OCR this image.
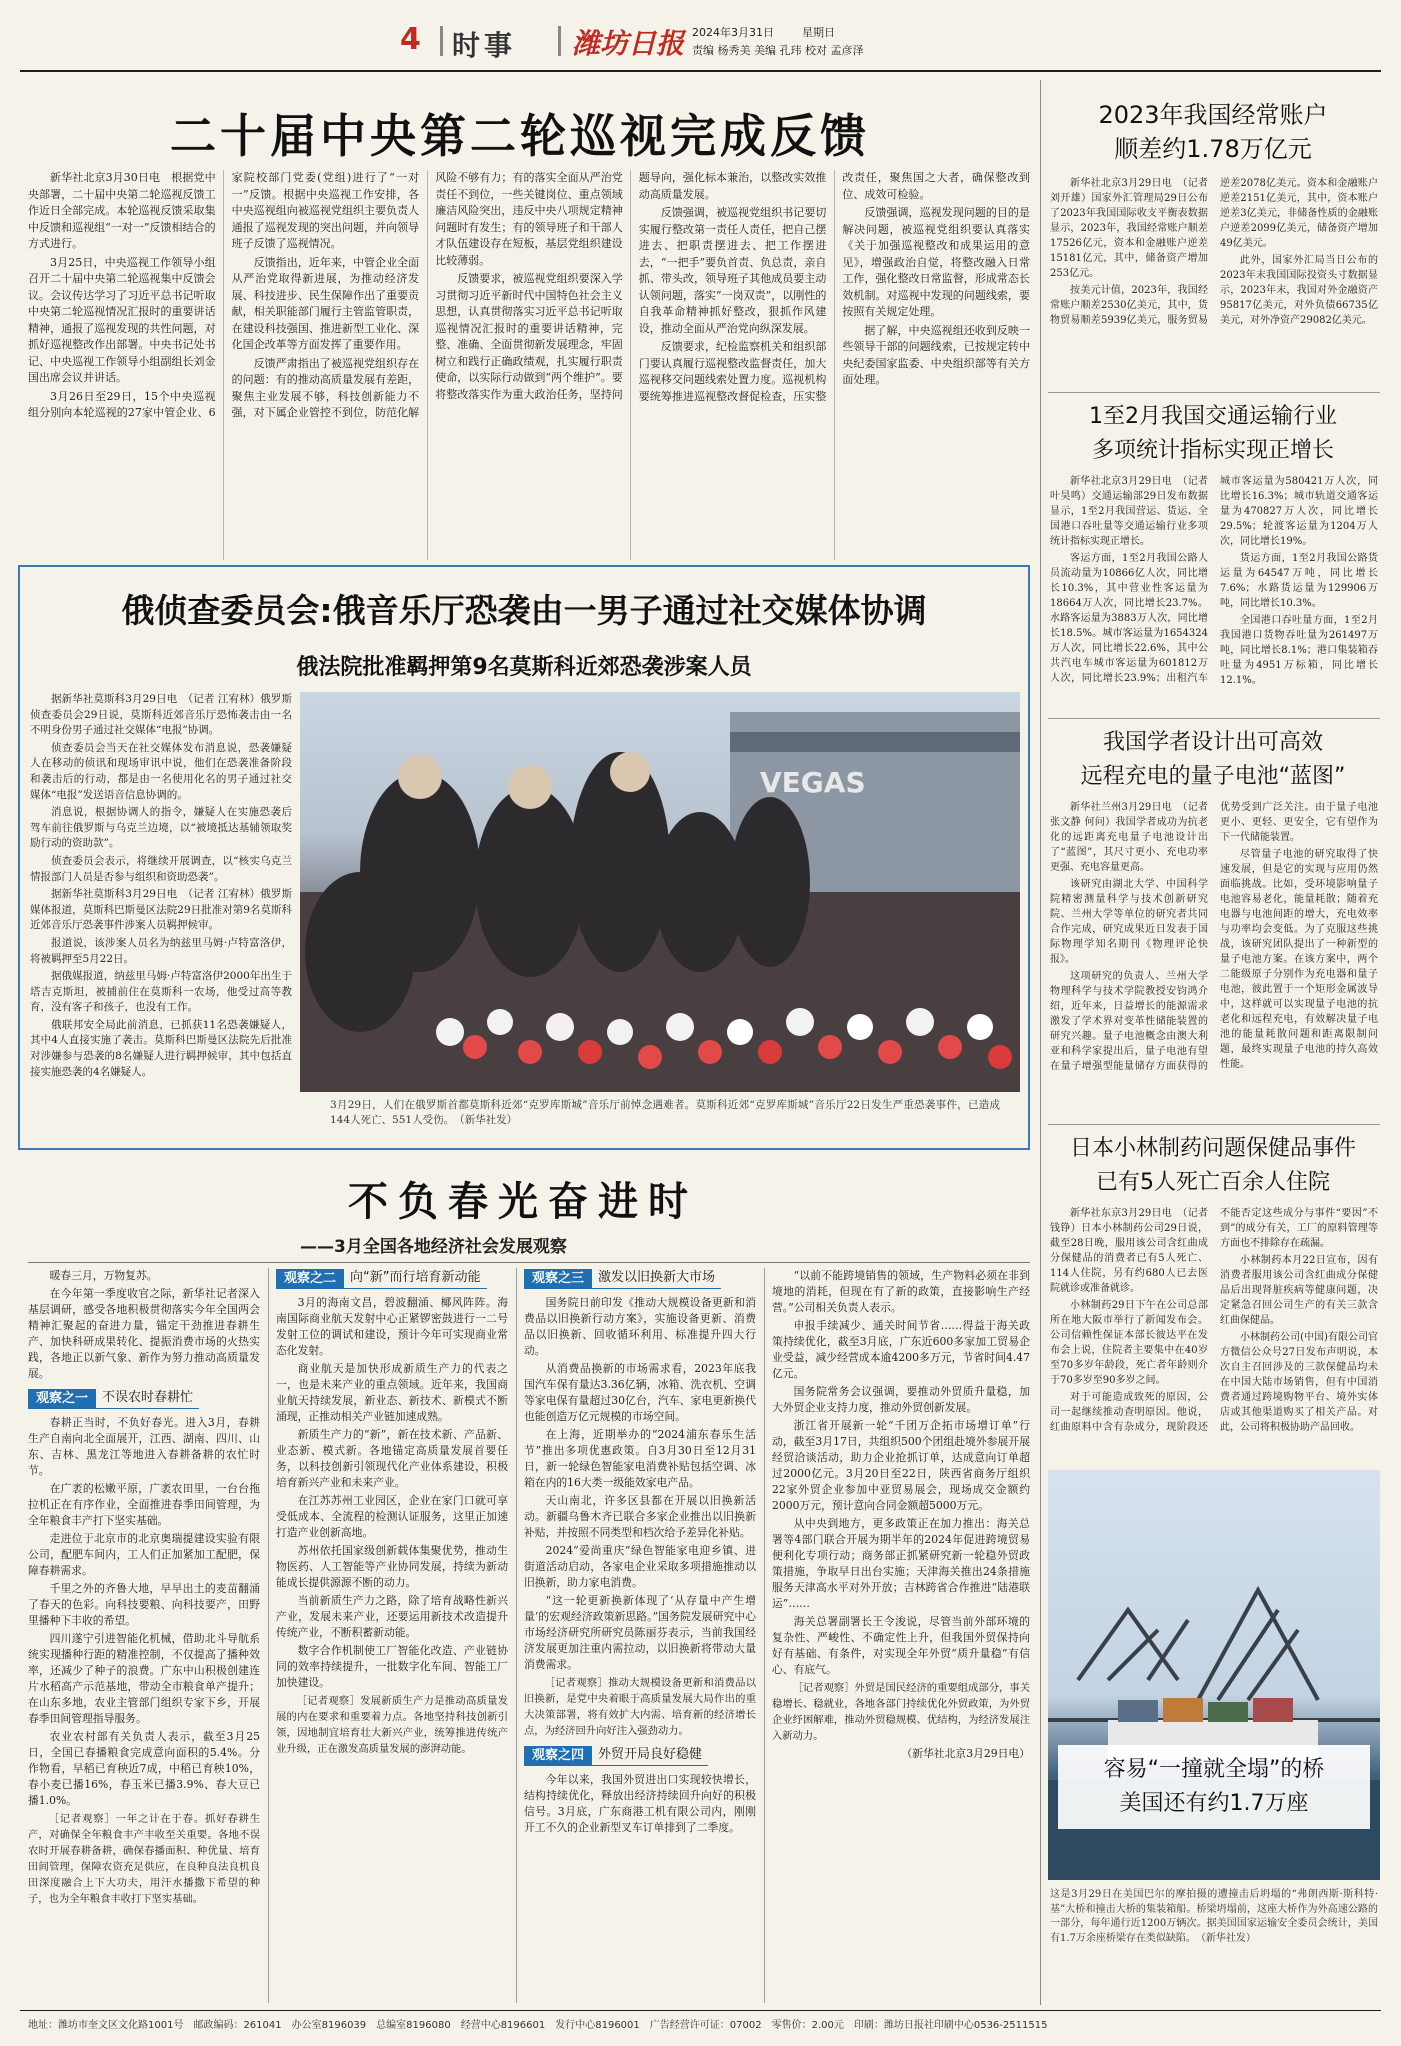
4 时事 潍坊日报 2024年3月31日	星期日
责编 杨秀美 美编 孔玮 校对 孟彦泽
二十届中央第二轮巡视完成反馈

新华社北京3月30日电　根据党中央部署，二十届中央第二轮巡视反馈工作近日全部完成。本轮巡视反馈采取集中反馈和巡视组“一对一”反馈相结合的方式进行。

3月25日，中央巡视工作领导小组召开二十届中央第二轮巡视集中反馈会议。会议传达学习了习近平总书记听取中央第二轮巡视情况汇报时的重要讲话精神，通报了巡视发现的共性问题，对抓好巡视整改作出部署。中央书记处书记、中央巡视工作领导小组副组长刘金国出席会议并讲话。

3月26日至29日，15个中央巡视组分别向本轮巡视的27家中管企业、6家院校部门党委(党组)进行了“一对一”反馈。根据中央巡视工作安排，各中央巡视组向被巡视党组织主要负责人通报了巡视发现的突出问题，并向领导班子反馈了巡视情况。

反馈指出，近年来，中管企业全面从严治党取得新进展，为推动经济发展、科技进步、民生保障作出了重要贡献，相关职能部门履行主管监管职责，在建设科技强国、推进新型工业化、深化国企改革等方面发挥了重要作用。

反馈严肃指出了被巡视党组织存在的问题：有的推动高质量发展有差距，聚焦主业发展不够，科技创新能力不强，对下属企业管控不到位，防范化解风险不够有力；有的落实全面从严治党责任不到位，一些关键岗位、重点领域廉洁风险突出，违反中央八项规定精神问题时有发生；有的领导班子和干部人才队伍建设存在短板，基层党组织建设比较薄弱。

反馈要求，被巡视党组织要深入学习贯彻习近平新时代中国特色社会主义思想，认真贯彻落实习近平总书记听取巡视情况汇报时的重要讲话精神，完整、准确、全面贯彻新发展理念，牢固树立和践行正确政绩观，扎实履行职责使命，以实际行动做到“两个维护”。要将整改落实作为重大政治任务，坚持问题导向，强化标本兼治，以整改实效推动高质量发展。

反馈强调，被巡视党组织书记要切实履行整改第一责任人责任，把自己摆进去、把职责摆进去、把工作摆进去，“一把手”要负首责、负总责，亲自抓、带头改，领导班子其他成员要主动认领问题，落实“一岗双责”，以刚性的自我革命精神抓好整改，狠抓作风建设，推动全面从严治党向纵深发展。

反馈要求，纪检监察机关和组织部门要认真履行巡视整改监督责任，加大巡视移交问题线索处置力度。巡视机构要统筹推进巡视整改督促检查，压实整改责任，聚焦国之大者，确保整改到位、成效可检验。

反馈强调，巡视发现问题的目的是解决问题，被巡视党组织要认真落实《关于加强巡视整改和成果运用的意见》，增强政治自觉，将整改融入日常工作，强化整改日常监督，形成常态长效机制。对巡视中发现的问题线索，要按照有关规定处理。

据了解，中央巡视组还收到反映一些领导干部的问题线索，已按规定转中央纪委国家监委、中央组织部等有关方面处理。

俄侦查委员会:俄音乐厅恐袭由一男子通过社交媒体协调
俄法院批准羁押第9名莫斯科近郊恐袭涉案人员

据新华社莫斯科3月29日电　（记者 江宥林）俄罗斯侦查委员会29日说，莫斯科近郊音乐厅恐怖袭击由一名不明身份男子通过社交媒体“电报”协调。

侦查委员会当天在社交媒体发布消息说，恐袭嫌疑人在移动的侦讯和现场审讯中说，他们在恐袭准备阶段和袭击后的行动，都是由一名使用化名的男子通过社交媒体“电报”发送语音信息协调的。

消息说，根据协调人的指令，嫌疑人在实施恐袭后驾车前往俄罗斯与乌克兰边境，以“被境抵达基辅领取奖励行动的资助款”。

侦查委员会表示，将继续开展调查，以“核实乌克兰情报部门人员是否参与组织和资助恐袭”。

据新华社莫斯科3月29日电　（记者 江宥林）俄罗斯媒体报道，莫斯科巴斯曼区法院29日批准对第9名莫斯科近郊音乐厅恐袭事件涉案人员羁押候审。

报道说，该涉案人员名为纳兹里马姆·卢特富洛伊，将被羁押至5月22日。

据俄媒报道，纳兹里马姆·卢特富洛伊2000年出生于塔吉克斯坦，被捕前住在莫斯科一农场，他受过高等教育，没有客子和孩子，也没有工作。

俄联邦安全局此前消息，已抓获11名恐袭嫌疑人，其中4人直接实施了袭击。莫斯科巴斯曼区法院先后批准对涉嫌参与恐袭的8名嫌疑人进行羁押候审，其中包括直接实施恐袭的4名嫌疑人。

VEGAS
3月29日，人们在俄罗斯首都莫斯科近郊“克罗库斯城”音乐厅前悼念遇难者。莫斯科近郊“克罗库斯城”音乐厅22日发生严重恐袭事件，已造成144人死亡、551人受伤。　（新华社发）
不负春光奋进时
——3月全国各地经济社会发展观察

暖春三月，万物复苏。

在今年第一季度收官之际，新华社记者深入基层调研，感受各地积极贯彻落实今年全国两会精神汇聚起的奋进力量，锚定干劲推进春耕生产、加快科研成果转化、提振消费市场的火热实践，各地正以新气象、新作为努力推动高质量发展。

观察之一	不误农时春耕忙

春耕正当时，不负好春光。进入3月，春耕生产自南向北全面展开，江西、湖南、四川、山东、吉林、黑龙江等地进入春耕备耕的农忙时节。

在广袤的松嫩平原，广袤农田里，一台台拖拉机正在有序作业，全面推进春季田间管理，为全年粮食丰产打下坚实基础。

走进位于北京市的北京奥瑞提建设实验有限公司，配肥车间内，工人们正加紧加工配肥，保障春耕需求。

千里之外的齐鲁大地，早早出土的麦苗翻涌了春天的色彩。向科技要粮、向科技要产，田野里播种下丰收的希望。

四川遂宁引进智能化机械，借助北斗导航系统实现播种行距的精准控制，不仅提高了播种效率，还减少了种子的浪费。广东中山积极创建连片水稻高产示范基地，带动全市粮食单产提升；在山东多地，农业主管部门组织专家下乡，开展春季田间管理指导服务。

农业农村部有关负责人表示，截至3月25日，全国已春播粮食完成意向面积的5.4%。分作物看，早稻已育秧近7成，中稻已育秧10%，春小麦已播16%，春玉米已播3.9%、春大豆已播1.0%。

［记者观察］一年之计在于春。抓好春耕生产，对确保全年粮食丰产丰收至关重要。各地不误农时开展春耕备耕，确保春播面积、种优量、培育田间管理，保障农资充足供应，在良种良法良机良田深度融合上下大功夫，用汗水播撒下希望的种子，也为全年粮食丰收打下坚实基础。

观察之二	向“新”而行培育新动能

3月的海南文昌，碧波翻涌、椰风阵阵。海南国际商业航天发射中心正紧锣密鼓进行一二号发射工位的调试和建设，预计今年可实现商业常态化发射。

商业航天是加快形成新质生产力的代表之一，也是未来产业的重点领域。近年来，我国商业航天持续发展，新业态、新技术、新模式不断涌现，正推动相关产业链加速成熟。

新质生产力的“新”，新在技术新、产品新、业态新、模式新。各地锚定高质量发展首要任务，以科技创新引领现代化产业体系建设，积极培育新兴产业和未来产业。

在江苏苏州工业园区，企业在家门口就可享受低成本、全流程的检测认证服务，这里正加速打造产业创新高地。

苏州依托国家级创新载体集聚优势，推动生物医药、人工智能等产业协同发展，持续为新动能成长提供源源不断的动力。

当前新质生产力之路，除了培育战略性新兴产业，发展未来产业，还要运用新技术改造提升传统产业，不断积蓄新动能。

数字合作机制使工厂智能化改造、产业链协同的效率持续提升，一批数字化车间、智能工厂加快建设。

［记者观察］发展新质生产力是推动高质量发展的内在要求和重要着力点。各地坚持科技创新引领，因地制宜培育壮大新兴产业，统筹推进传统产业升级，正在激发高质量发展的澎湃动能。

观察之三	激发以旧换新大市场

国务院日前印发《推动大规模设备更新和消费品以旧换新行动方案》，实施设备更新、消费品以旧换新、回收循环利用、标准提升四大行动。

从消费品换新的市场需求看，2023年底我国汽车保有量达3.36亿辆，冰箱、洗衣机、空调等家电保有量超过30亿台，汽车、家电更新换代也能创造万亿元规模的市场空间。

在上海，近期举办的“2024浦东春乐生活节”推出多项优惠政策。自3月30日至12月31日，新一轮绿色智能家电消费补贴包括空调、冰箱在内的16大类一级能效家电产品。

天山南北，许多区县都在开展以旧换新活动。新疆乌鲁木齐已联合多家企业推出以旧换新补贴，并按照不同类型和档次给予差异化补贴。

2024“爱尚重庆”绿色智能家电迎乡镇、进街道活动启动，各家电企业采取多项措施推动以旧换新，助力家电消费。

“这一轮更新换新体现了‘从存量中产生增量’的宏观经济政策新思路。”国务院发展研究中心市场经济研究所研究员陈丽芬表示，当前我国经济发展更加注重内需拉动，以旧换新将带动大量消费需求。

［记者观察］推动大规模设备更新和消费品以旧换新，是党中央着眼于高质量发展大局作出的重大决策部署，将有效扩大内需、培育新的经济增长点，为经济回升向好注入强劲动力。

观察之四	外贸开局良好稳健

今年以来，我国外贸进出口实现较快增长，结构持续优化，释放出经济持续回升向好的积极信号。3月底，广东商港工机有限公司内，刚刚开工不久的企业新型叉车订单排到了二季度。

“以前不能跨境销售的领域，生产物料必须在非到境地的消耗，但现在有了新的政策，直接影响生产经营。”公司相关负责人表示。

申报手续减少、通关时间节省……得益于海关政策持续优化，截至3月底，广东近600多家加工贸易企业受益，减少经营成本逾4200多万元，节省时间4.47亿元。

国务院常务会议强调，要推动外贸质升量稳，加大外贸企业支持力度，推动外贸创新发展。

浙江省开展新一轮“千团万企拓市场增订单”行动，截至3月17日，共组织500个团组赴境外参展开展经贸洽谈活动，助力企业抢抓订单，达成意向订单超过2000亿元。3月20日至22日，陕西省商务厅组织22家外贸企业参加中亚贸易展会，现场成交金额约2000万元，预计意向合同金额超5000万元。

从中央到地方，更多政策正在加力推出：海关总署等4部门联合开展为期半年的2024年促进跨境贸易便利化专项行动；商务部正抓紧研究新一轮稳外贸政策措施，争取早日出台实施；天津海关推出24条措施服务天津高水平对外开放；吉林跨省合作推进“陆港联运”……

海关总署副署长王令浚说，尽管当前外部环境的复杂性、严峻性、不确定性上升，但我国外贸保持向好有基础、有条件，对实现全年外贸“质升量稳”有信心、有底气。

［记者观察］外贸是国民经济的重要组成部分，事关稳增长、稳就业，各地各部门持续优化外贸政策，为外贸企业纾困解难，推动外贸稳规模、优结构，为经济发展注入新动力。

（新华社北京3月29日电）

2023年我国经常账户
顺差约1.78万亿元

新华社北京3月29日电　（记者 刘开雄）国家外汇管理局29日公布了2023年我国国际收支平衡表数据显示，2023年，我国经常账户顺差17526亿元，资本和金融账户逆差15181亿元，其中，储备资产增加253亿元。

按美元计值，2023年，我国经常账户顺差2530亿美元，其中，货物贸易顺差5939亿美元，服务贸易逆差2078亿美元。资本和金融账户逆差2151亿美元，其中，资本账户逆差3亿美元，非储备性质的金融账户逆差2099亿美元，储备资产增加49亿美元。

此外，国家外汇局当日公布的2023年末我国国际投资头寸数据显示，2023年末，我国对外金融资产95817亿美元，对外负债66735亿美元，对外净资产29082亿美元。

1至2月我国交通运输行业
多项统计指标实现正增长

新华社北京3月29日电　（记者 叶昊鸣）交通运输部29日发布数据显示，1至2月我国营运、货运、全国港口吞吐量等交通运输行业多项统计指标实现正增长。

客运方面，1至2月我国公路人员流动量为10866亿人次，同比增长10.3%，其中营业性客运量为18664万人次，同比增长23.7%。水路客运量为3883万人次，同比增长18.5%。城市客运量为1654324万人次，同比增长22.6%，其中公共汽电车城市客运量为601812万人次，同比增长23.9%；出租汽车城市客运量为580421万人次，同比增长16.3%；城市轨道交通客运量为470827万人次，同比增长29.5%；轮渡客运量为1204万人次，同比增长19%。

货运方面，1至2月我国公路货运量为64547万吨，同比增长7.6%；水路货运量为129906万吨，同比增长10.3%。

全国港口吞吐量方面，1至2月我国港口货物吞吐量为261497万吨，同比增长8.1%；港口集装箱吞吐量为4951万标箱，同比增长12.1%。

我国学者设计出可高效
远程充电的量子电池“蓝图”

新华社兰州3月29日电　（记者 张文静 何问）我国学者成功为抗老化的远距离充电量子电池设计出了“蓝图”，其尺寸更小、充电功率更强、充电容量更高。

该研究由湖北大学、中国科学院精密测量科学与技术创新研究院、兰州大学等单位的研究者共同合作完成，研究成果近日发表于国际物理学知名期刊《物理评论快报》。

这项研究的负责人、兰州大学物理科学与技术学院教授安钧鸿介绍，近年来，日益增长的能源需求激发了学术界对变革性储能装置的研究兴趣。量子电池概念由澳大利亚和科学家提出后，量子电池有望在量子增强型能量储存方面获得的优势受到广泛关注。由于量子电池更小、更轻、更安全，它有望作为下一代储能装置。

尽管量子电池的研究取得了快速发展，但是它的实现与应用仍然面临挑战。比如，受环境影响量子电池容易老化，能量耗散；随着充电器与电池间距的增大，充电效率与功率均会变低。为了克服这些挑战，该研究团队提出了一种新型的量子电池方案。在该方案中，两个二能级原子分别作为充电器和量子电池，彼此置于一个矩形金属波导中，这样就可以实现量子电池的抗老化和远程充电，有效解决量子电池的能量耗散问题和距离限制问题，最终实现量子电池的持久高效性能。

日本小林制药问题保健品事件
已有5人死亡百余人住院

新华社东京3月29日电　（记者 钱铮）日本小林制药公司29日说，截至28日晚，服用该公司含红曲成分保健品的消费者已有5人死亡、114人住院，另有约680人已去医院就诊或准备就诊。

小林制药29日下午在公司总部所在地大阪市举行了新闻发布会。公司信赖性保证本部长彼达平在发布会上说，住院者主要集中在40岁至70多岁年龄段，死亡者年龄则介于70多岁至90多岁之间。

对于可能造成致死的原因，公司一起继续推动查明原因。他说，红曲原料中含有杂成分，现阶段还不能否定这些成分与事件“要因”不到”的成分有关，工厂的原料管理等方面也不排除存在疏漏。

小林制药本月22日宣布，因有消费者服用该公司含红曲成分保健品后出现肾脏疾病等健康问题，决定紧急召回公司生产的有关三款含红曲保健品。

小林制药公司(中国)有限公司官方微信公众号27日发布声明说，本次自主召回涉及的三款保健品均未在中国大陆市场销售，但有中国消费者通过跨境购物平台、境外实体店或其他渠道购买了相关产品。对此，公司将积极协助产品回收。

容易“一撞就全塌”的桥
美国还有约1.7万座
这是3月29日在美国巴尔的摩拍摄的遭撞击后坍塌的“弗朗西斯·斯科特·基”大桥和撞击大桥的集装箱船。桥梁坍塌前，这座大桥作为外高速公路的一部分，每年通行近1200万辆次。据美国国家运输安全委员会统计，美国有1.7万余座桥梁存在类似缺陷。　（新华社发）
地址：潍坊市奎文区文化路1001号　邮政编码：261041　办公室8196039　总编室8196080　经营中心8196601　发行中心8196001　广告经营许可证：07002　零售价：2.00元　印刷：潍坊日报社印刷中心0536-2511515
